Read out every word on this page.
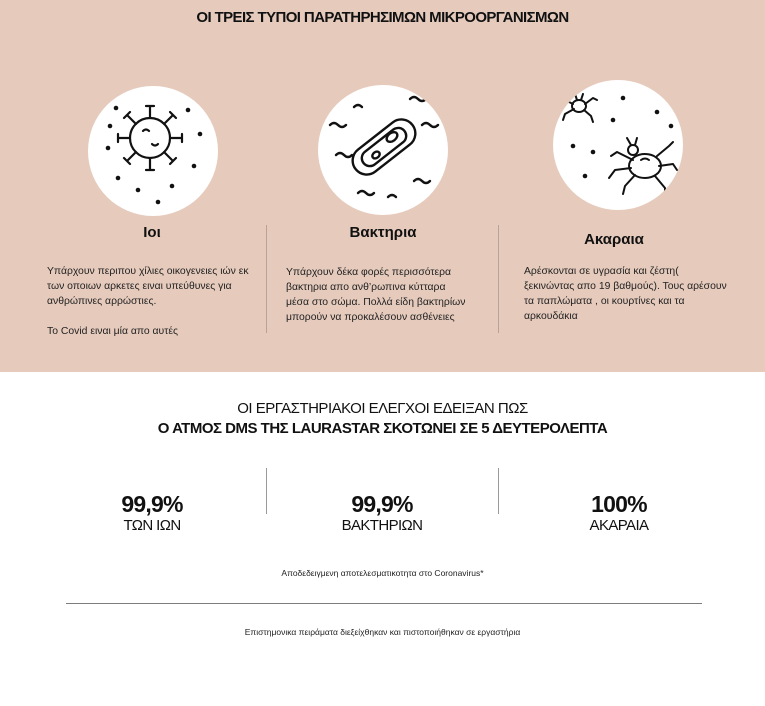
ΟΙ ΤΡΕΙΣ ΤΥΠΟΙ ΠΑΡΑΤΗΡΗΣΙΜΩΝ ΜΙΚΡΟΟΡΓΑΝΙΣΜΩΝ
Ιοι	Βακτηρια	Ακαραια

Υπάρχουν περιπου χίλιες οικογενειες ιών εκ των οποιων αρκετες ειναι υπεύθυνες για ανθρώπινες αρρώστιες.

Το Covid ειναι μία απο αυτές

Υπάρχουν δέκα φορές περισσότερα βακτηρια απο ανθ’ρωπινα κύτταρα μέσα στο σώμα. Πολλά είδη βακτηρίων μπορούν να προκαλέσουν ασθένειες

Αρέσκονται σε υγρασία και ζέστη( ξεκινώντας απο 19 βαθμούς). Τους αρέσουν τα παπλώματα , οι κουρτίνες και τα αρκουδάκια

ΟΙ ΕΡΓΑΣΤΗΡΙΑΚΟΙ ΕΛΕΓΧΟΙ ΕΔΕΙΞΑΝ ΠΩΣ
Ο ΑΤΜΟΣ DMS ΤΗΣ LAURASTAR ΣΚΟΤΩΝΕΙ ΣΕ 5 ΔΕΥΤΕΡΟΛΕΠΤΑ
99,9%
ΤΩΝ ΙΩΝ
99,9%
ΒΑΚΤΗΡΙΩΝ
100%
ΑΚΑΡΑΙΑ
Αποδεδειγμενη αποτελεσματικοτητα στο Coronavirus*
Επιστημονικα πειράματα διεξείχθηκαν και πιστοποιήθηκαν σε εργαστήρια
